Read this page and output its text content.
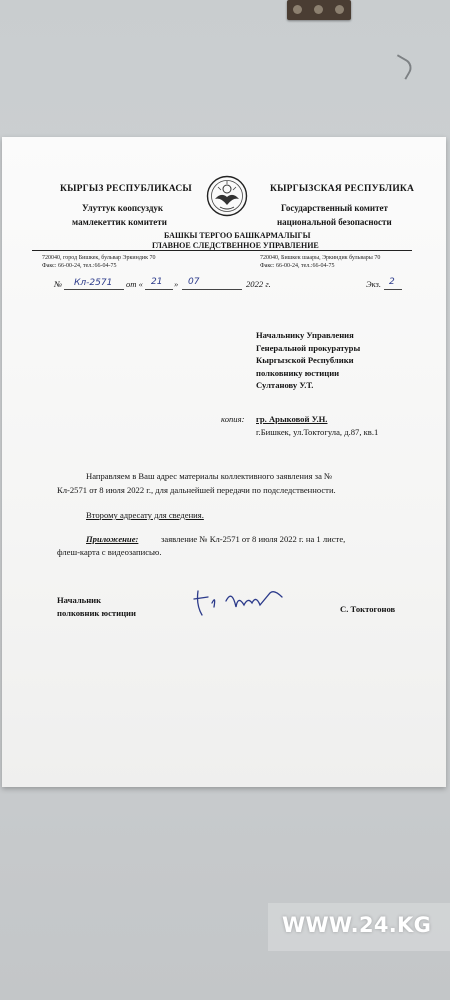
КЫРГЫЗ РЕСПУБЛИКАСЫ
Улуттук коопсуздук
мамлекеттик комитети
КЫРГЫЗСКАЯ РЕСПУБЛИКА
Государственный комитет
национальной безопасности
БАШКЫ ТЕРГОО БАШКАРМАЛЫГЫ
ГЛАВНОЕ СЛЕДСТВЕННОЕ УПРАВЛЕНИЕ
720040, город Бишкек, бульвар Эркиндик 70
Факс: 66-00-24, тел.:66-04-75
720040, Бишкек шаары, Эркиндик бульвары 70
Факс: 66-00-24, тел.:66-04-75
№ Кл-2571 от « 21 » 07	2022 г.	Экз. 2
Начальнику Управления
Генеральной прокуратуры
Кыргызской Республики
полковнику юстиции
Султанову У.Т.
копия: гр. Арыковой У.Н.
г.Бишкек, ул.Токтогула, д.87, кв.1
Направляем в Ваш адрес материалы коллективного заявления за №
Кл-2571 от 8 июля 2022 г., для дальнейшей передачи по подследственности.
Второму адресату для сведения.
Приложение:	заявление № Кл-2571 от 8 июля 2022 г. на 1 листе,
флеш-карта с видеозаписью.
Начальник
полковник юстиции	С. Токтогонов
WWW.24.KG
